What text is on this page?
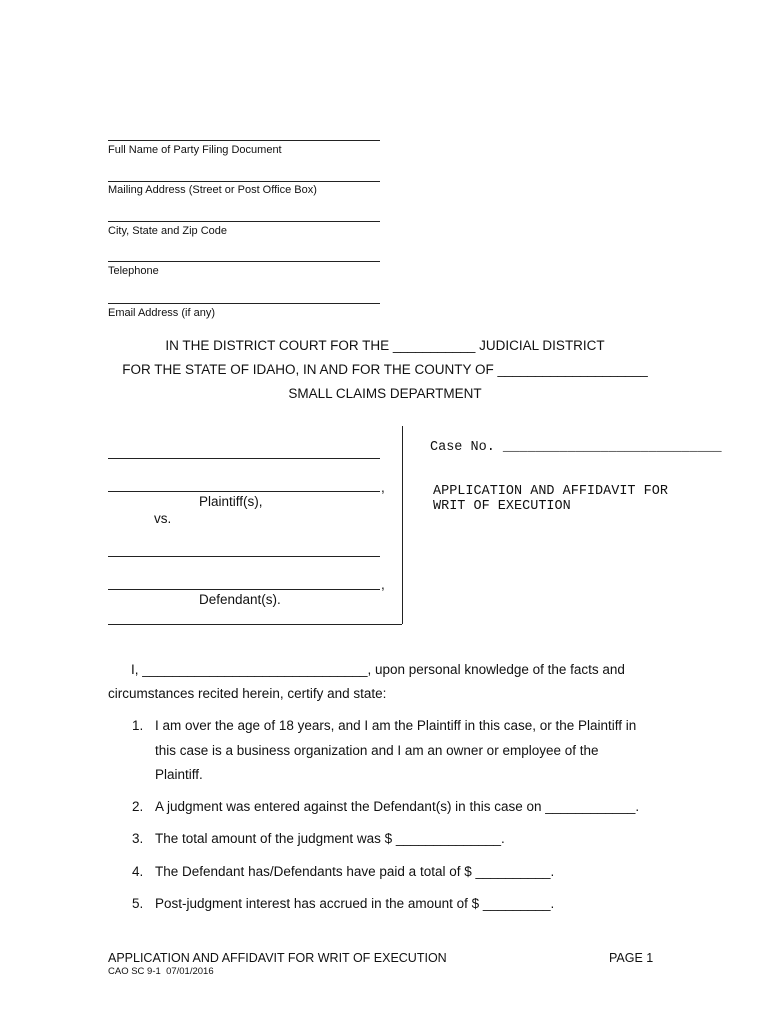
Full Name of Party Filing Document
Mailing Address (Street or Post Office Box)
City, State and Zip Code
Telephone
Email Address (if any)
IN THE DISTRICT COURT FOR THE ___________ JUDICIAL DISTRICT
FOR THE STATE OF IDAHO, IN AND FOR THE COUNTY OF ____________________
SMALL CLAIMS DEPARTMENT
,
Plaintiff(s),
vs.
,
Defendant(s).
Case No. ___________________________
APPLICATION AND AFFIDAVIT FOR
WRIT OF EXECUTION
I, ______________________________, upon personal knowledge of the facts and
circumstances recited herein, certify and state:
1. I am over the age of 18 years, and I am the Plaintiff in this case, or the Plaintiff in
this case is a business organization and I am an owner or employee of the
Plaintiff.
2. A judgment was entered against the Defendant(s) in this case on ____________.
3. The total amount of the judgment was $ ______________.
4. The Defendant has/Defendants have paid a total of $ __________.
5. Post-judgment interest has accrued in the amount of $ _________.
APPLICATION AND AFFIDAVIT FOR WRIT OF EXECUTION	PAGE 1
CAO SC 9-1  07/01/2016
